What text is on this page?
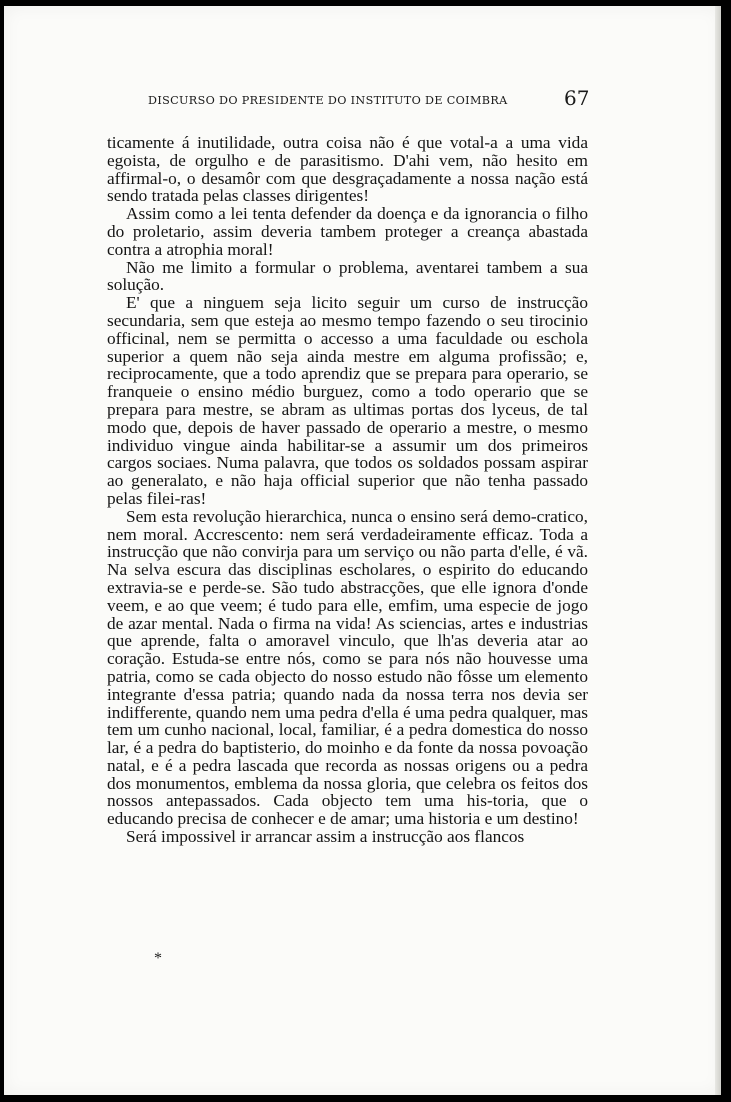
DISCURSO DO PRESIDENTE DO INSTITUTO DE COIMBRA	67

ticamente á inutilidade, outra coisa não é que votal-a a uma vida egoista, de orgulho e de parasitismo. D'ahi vem, não hesito em affirmal-o, o desamôr com que desgraçadamente a nossa nação está sendo tratada pelas classes dirigentes!

Assim como a lei tenta defender da doença e da ignorancia o filho do proletario, assim deveria tambem proteger a creança abastada contra a atrophia moral!

Não me limito a formular o problema, aventarei tambem a sua solução.

E' que a ninguem seja licito seguir um curso de instrucção secundaria, sem que esteja ao mesmo tempo fazendo o seu tirocinio officinal, nem se permitta o accesso a uma faculdade ou eschola superior a quem não seja ainda mestre em alguma profissão; e, reciprocamente, que a todo aprendiz que se prepara para operario, se franqueie o ensino médio burguez, como a todo operario que se prepara para mestre, se abram as ultimas portas dos lyceus, de tal modo que, depois de haver passado de operario a mestre, o mesmo individuo vingue ainda habilitar-se a assumir um dos primeiros cargos sociaes. Numa palavra, que todos os soldados possam aspirar ao generalato, e não haja official superior que não tenha passado pelas filei-ras!

Sem esta revolução hierarchica, nunca o ensino será demo-cratico, nem moral. Accrescento: nem será verdadeiramente efficaz. Toda a instrucção que não convirja para um serviço ou não parta d'elle, é vã. Na selva escura das disciplinas escholares, o espirito do educando extravia-se e perde-se. São tudo abstracções, que elle ignora d'onde veem, e ao que veem; é tudo para elle, emfim, uma especie de jogo de azar mental. Nada o firma na vida! As sciencias, artes e industrias que aprende, falta o amoravel vinculo, que lh'as deveria atar ao coração. Estuda-se entre nós, como se para nós não houvesse uma patria, como se cada objecto do nosso estudo não fôsse um elemento integrante d'essa patria; quando nada da nossa terra nos devia ser indifferente, quando nem uma pedra d'ella é uma pedra qualquer, mas tem um cunho nacional, local, familiar, é a pedra domestica do nosso lar, é a pedra do baptisterio, do moinho e da fonte da nossa povoação natal, e é a pedra lascada que recorda as nossas origens ou a pedra dos monumentos, emblema da nossa gloria, que celebra os feitos dos nossos antepassados. Cada objecto tem uma his-toria, que o educando precisa de conhecer e de amar; uma historia e um destino!

Será impossivel ir arrancar assim a instrucção aos flancos

*
